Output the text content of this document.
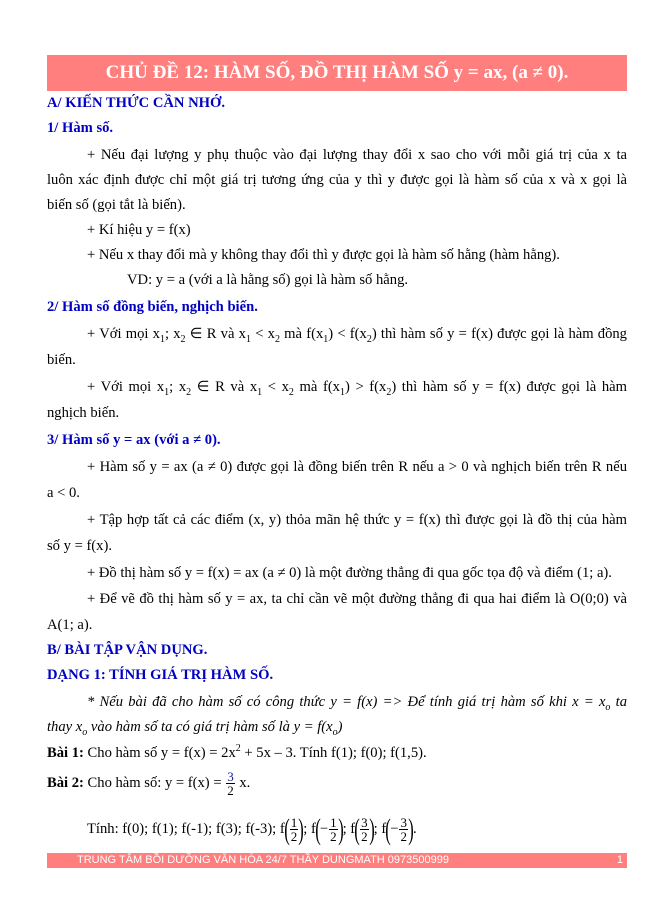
CHỦ ĐỀ 12: HÀM SỐ, ĐỒ THỊ HÀM SỐ y = ax, (a ≠ 0).
A/ KIẾN THỨC CẦN NHỚ.
1/ Hàm số.
+ Nếu đại lượng y phụ thuộc vào đại lượng thay đổi x sao cho với mỗi giá trị của x ta
luôn xác định được chỉ một giá trị tương ứng của y thì y được gọi là hàm số của x và x gọi là
biến số (gọi tắt là biến).
+ Kí hiệu y = f(x)
+ Nếu x thay đổi mà y không thay đổi thì y được gọi là hàm số hằng (hàm hằng).
VD: y = a (với a là hằng số) gọi là hàm số hằng.
2/ Hàm số đồng biến, nghịch biến.
+ Với mọi $x_1$; $x_2$ ∈ R và $x_1 < x_2$ mà $f(x_1) < f(x_2)$ thì hàm số y = f(x) được gọi là hàm đồng
biến.
+ Với mọi $x_1$; $x_2$ ∈ R và $x_1 < x_2$ mà $f(x_1) > f(x_2)$ thì hàm số y = f(x) được gọi là hàm
nghịch biến.
3/ Hàm số y = ax (với a ≠ 0).
+ Hàm số y = ax (a ≠ 0) được gọi là đồng biến trên R nếu a > 0 và nghịch biến trên R nếu
a < 0.
+ Tập hợp tất cả các điểm (x, y) thỏa mãn hệ thức y = f(x) thì được gọi là đồ thị của hàm
số y = f(x).
+ Đồ thị hàm số y = f(x) = ax (a ≠ 0) là một đường thẳng đi qua gốc tọa độ và điểm (1; a).
+ Để vẽ đồ thị hàm số y = ax, ta chỉ cần vẽ một đường thẳng đi qua hai điểm là O(0;0) và
A(1; a).
B/ BÀI TẬP VẬN DỤNG.
DẠNG 1: TÍNH GIÁ TRỊ HÀM SỐ.
* Nếu bài đã cho hàm số có công thức y = f(x) => Để tính giá trị hàm số khi $x = x_o$ ta
thay $x_o$ vào hàm số ta có giá trị hàm số là $y = f(x_o)$
Bài 1: Cho hàm số $y = f(x) = 2x^2 + 5x - 3$. Tính f(1); f(0); f(1,5).
Bài 2: Cho hàm số: $y = f(x) = \frac{3}{2} x$.
Tính: f(0); f(1); f(-1); f(3); f(-3); $f( \frac{1}{2}$ ); $f(- \frac{1}{2}$ ); $f( \frac{3}{2}$ ); $f(- \frac{3}{2}$ ).
TRUNG TÂM BỒI DƯỠNG VĂN HÓA 24/7 THẦY DUNGMATH 0973500999	1
